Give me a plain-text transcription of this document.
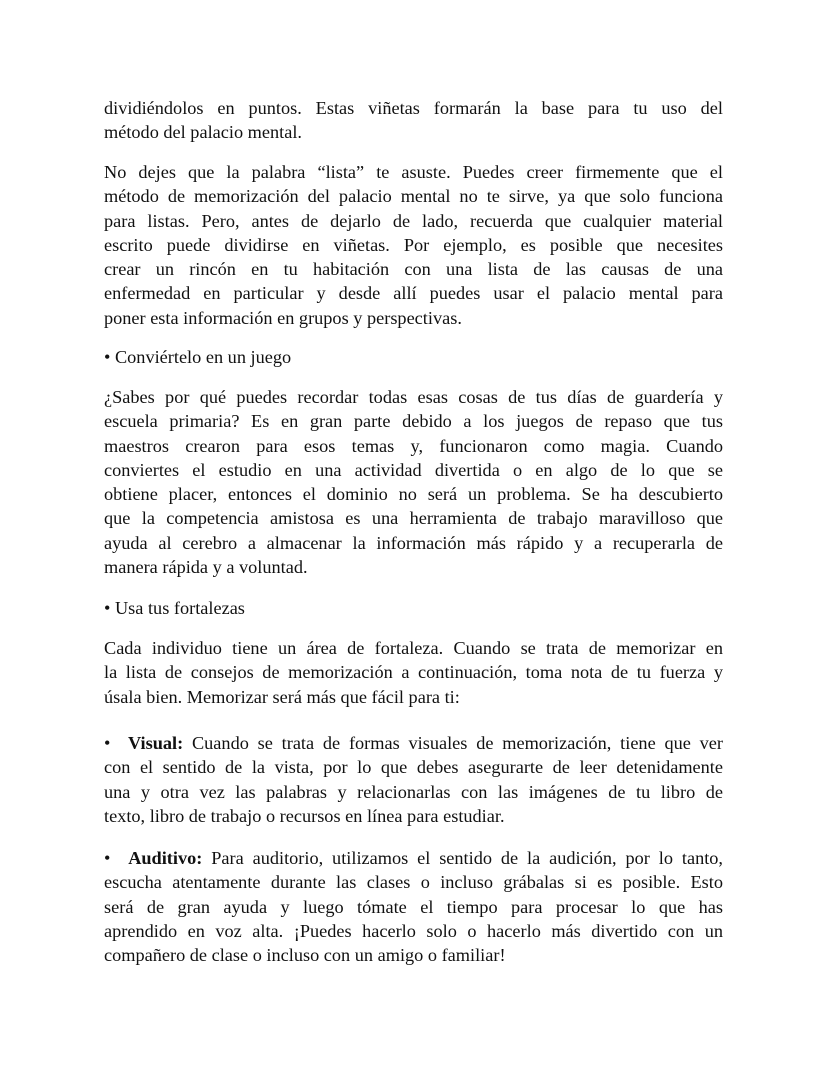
dividiéndolos en puntos. Estas viñetas formarán la base para tu uso del
método del palacio mental.
No dejes que la palabra “lista” te asuste. Puedes creer firmemente que el
método de memorización del palacio mental no te sirve, ya que solo funciona
para listas. Pero, antes de dejarlo de lado, recuerda que cualquier material
escrito puede dividirse en viñetas. Por ejemplo, es posible que necesites
crear un rincón en tu habitación con una lista de las causas de una
enfermedad en particular y desde allí puedes usar el palacio mental para
poner esta información en grupos y perspectivas.
• Conviértelo en un juego
¿Sabes por qué puedes recordar todas esas cosas de tus días de guardería y
escuela primaria? Es en gran parte debido a los juegos de repaso que tus
maestros crearon para esos temas y, funcionaron como magia. Cuando
conviertes el estudio en una actividad divertida o en algo de lo que se
obtiene placer, entonces el dominio no será un problema. Se ha descubierto
que la competencia amistosa es una herramienta de trabajo maravilloso que
ayuda al cerebro a almacenar la información más rápido y a recuperarla de
manera rápida y a voluntad.
• Usa tus fortalezas
Cada individuo tiene un área de fortaleza. Cuando se trata de memorizar en
la lista de consejos de memorización a continuación, toma nota de tu fuerza y
úsala bien. Memorizar será más que fácil para ti:
• Visual: Cuando se trata de formas visuales de memorización, tiene que ver
con el sentido de la vista, por lo que debes asegurarte de leer detenidamente
una y otra vez las palabras y relacionarlas con las imágenes de tu libro de
texto, libro de trabajo o recursos en línea para estudiar.
• Auditivo: Para auditorio, utilizamos el sentido de la audición, por lo tanto,
escucha atentamente durante las clases o incluso grábalas si es posible. Esto
será de gran ayuda y luego tómate el tiempo para procesar lo que has
aprendido en voz alta. ¡Puedes hacerlo solo o hacerlo más divertido con un
compañero de clase o incluso con un amigo o familiar!
